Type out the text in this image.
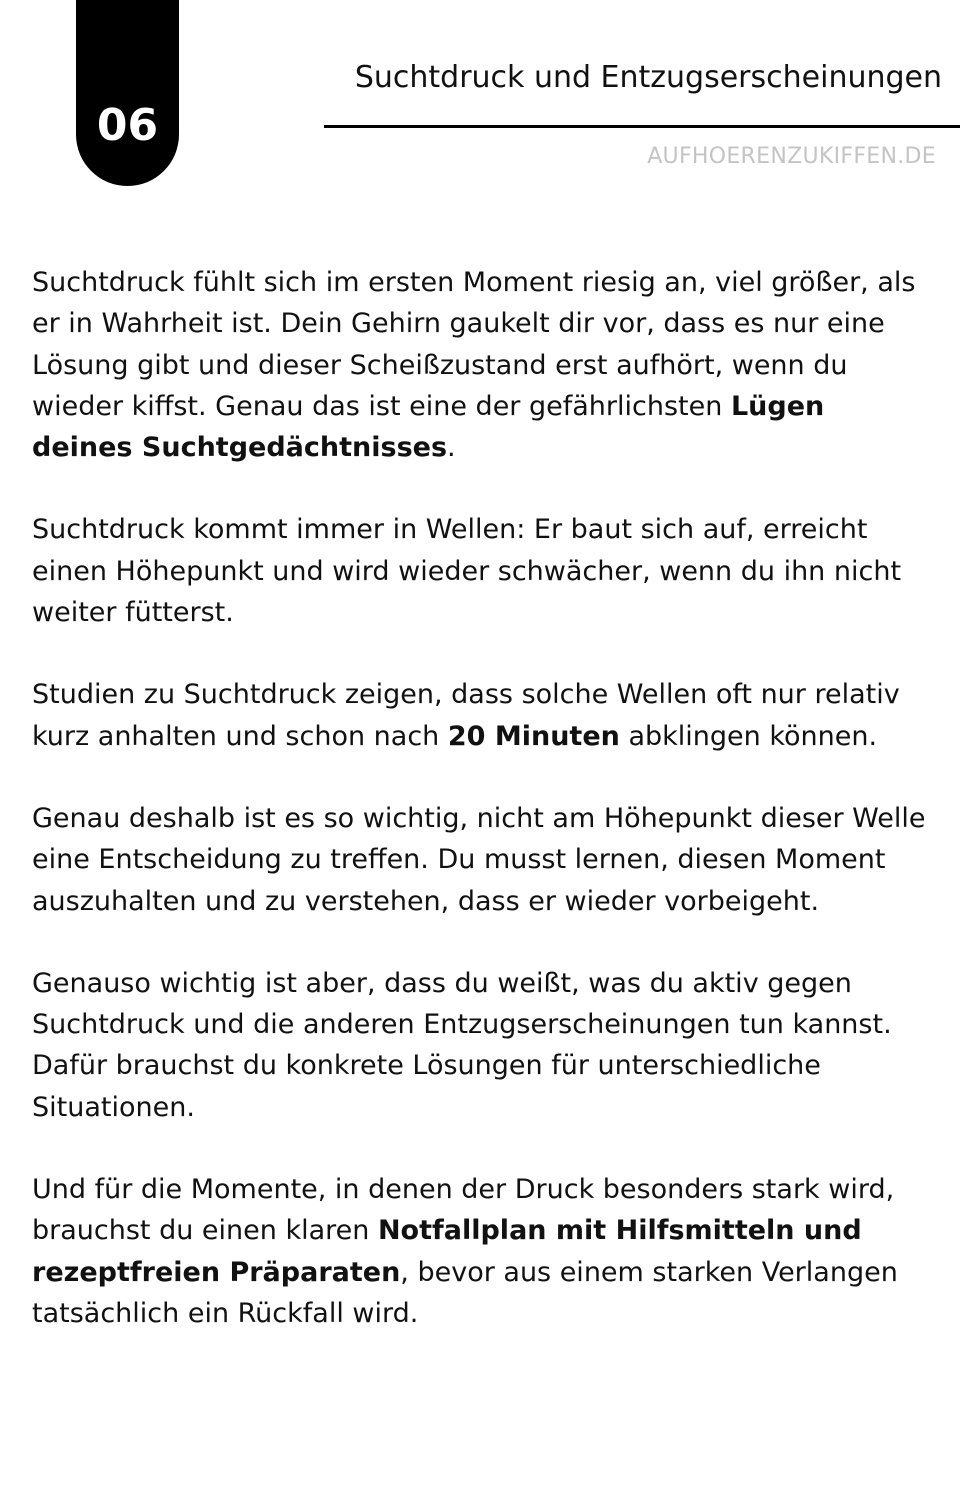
06
Suchtdruck und Entzugserscheinungen
AUFHOERENZUKIFFEN.DE

Suchtdruck fühlt sich im ersten Moment riesig an, viel größer, als er in Wahrheit ist. Dein Gehirn gaukelt dir vor, dass es nur eine Lösung gibt und dieser Scheißzustand erst aufhört, wenn du wieder kiffst. Genau das ist eine der gefährlichsten Lügen deines Suchtgedächtnisses.

Suchtdruck kommt immer in Wellen: Er baut sich auf, erreicht einen Höhepunkt und wird wieder schwächer, wenn du ihn nicht weiter fütterst.

Studien zu Suchtdruck zeigen, dass solche Wellen oft nur relativ kurz anhalten und schon nach 20 Minuten abklingen können.

Genau deshalb ist es so wichtig, nicht am Höhepunkt dieser Welle eine Entscheidung zu treffen. Du musst lernen, diesen Moment auszuhalten und zu verstehen, dass er wieder vorbeigeht.

Genauso wichtig ist aber, dass du weißt, was du aktiv gegen Suchtdruck und die anderen Entzugserscheinungen tun kannst. Dafür brauchst du konkrete Lösungen für unterschiedliche Situationen.

Und für die Momente, in denen der Druck besonders stark wird, brauchst du einen klaren Notfallplan mit Hilfsmitteln und rezeptfreien Präparaten, bevor aus einem starken Verlangen tatsächlich ein Rückfall wird.
